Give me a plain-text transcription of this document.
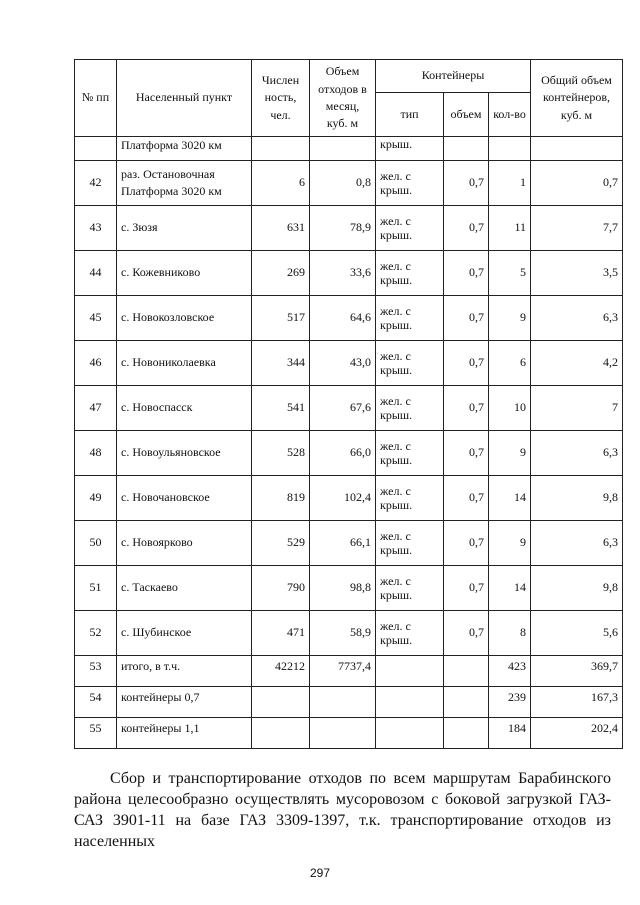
№ пп	Населенный пункт	Числен ность, чел.	Объем отходов в месяц, куб. м	Контейнеры			Общий объем контейнеров, куб. м
				тип	объем	кол-во	
	Платформа 3020 км			крыш.			
42	раз. Остановочная Платформа 3020 км	6	0,8	жел. с крыш.	0,7	1	0,7
43	с. Зюзя	631	78,9	жел. с крыш.	0,7	11	7,7
44	с. Кожевниково	269	33,6	жел. с крыш.	0,7	5	3,5
45	с. Новокозловское	517	64,6	жел. с крыш.	0,7	9	6,3
46	с. Новониколаевка	344	43,0	жел. с крыш.	0,7	6	4,2
47	с. Новоспасск	541	67,6	жел. с крыш.	0,7	10	7
48	с. Новоульяновское	528	66,0	жел. с крыш.	0,7	9	6,3
49	с. Новочановское	819	102,4	жел. с крыш.	0,7	14	9,8
50	с. Новоярково	529	66,1	жел. с крыш.	0,7	9	6,3
51	с. Таскаево	790	98,8	жел. с крыш.	0,7	14	9,8
52	с. Шубинское	471	58,9	жел. с крыш.	0,7	8	5,6
53	итого, в т.ч.	42212	7737,4			423	369,7
54	контейнеры 0,7					239	167,3
55	контейнеры 1,1					184	202,4

Сбор и транспортирование отходов по всем маршрутам Барабинского района целесообразно осуществлять мусоровозом с боковой загрузкой ГАЗ-САЗ 3901-11 на базе ГАЗ 3309-1397, т.к. транспортирование отходов из населенных

297
